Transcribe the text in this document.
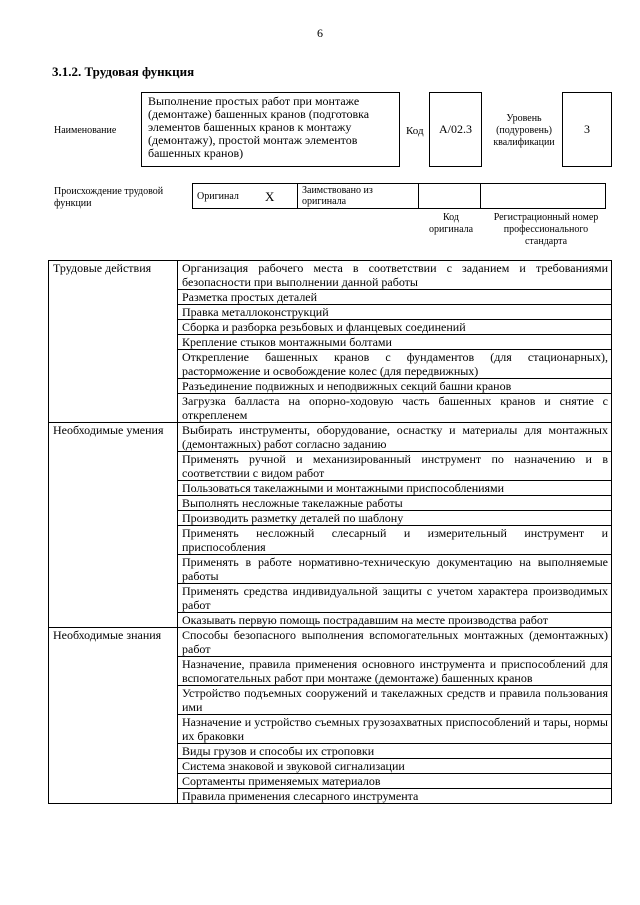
6
3.1.2. Трудовая функция
Наименование
Выполнение простых работ при монтаже (демонтаже) башенных кранов (подготовка элементов башенных кранов к монтажу (демонтажу), простой монтаж элементов башенных кранов)
Код A/02.3
Уровень (подуровень) квалификации
3
Происхождение трудовой функции
Оригинал	X	Заимствовано из оригинала		
Код оригинала
Регистрационный номер профессионального стандарта
Трудовые действия	Организация рабочего места в соответствии с заданием и требованиями безопасности при выполнении данной работы
	Разметка простых деталей
	Правка металлоконструкций
	Сборка и разборка резьбовых и фланцевых соединений
	Крепление стыков монтажными болтами
	Открепление башенных кранов с фундаментов (для стационарных), расторможение и освобождение колес (для передвижных)
	Разъединение подвижных и неподвижных секций башни кранов
	Загрузка балласта на опорно-ходовую часть башенных кранов и снятие с открепленем
Необходимые умения	Выбирать инструменты, оборудование, оснастку и материалы для монтажных (демонтажных) работ согласно заданию
	Применять ручной и механизированный инструмент по назначению и в соответствии с видом работ
	Пользоваться такелажными и монтажными приспособлениями
	Выполнять несложные такелажные работы
	Производить разметку деталей по шаблону
	Применять несложный слесарный и измерительный инструмент и приспособления
	Применять в работе нормативно-техническую документацию на выполняемые работы
	Применять средства индивидуальной защиты с учетом характера производимых работ
	Оказывать первую помощь пострадавшим на месте производства работ
Необходимые знания	Способы безопасного выполнения вспомогательных монтажных (демонтажных) работ
	Назначение, правила применения основного инструмента и приспособлений для вспомогательных работ при монтаже (демонтаже) башенных кранов
	Устройство подъемных сооружений и такелажных средств и правила пользования ими
	Назначение и устройство съемных грузозахватных приспособлений и тары, нормы их браковки
	Виды грузов и способы их строповки
	Система знаковой и звуковой сигнализации
	Сортаменты применяемых материалов
	Правила применения слесарного инструмента
